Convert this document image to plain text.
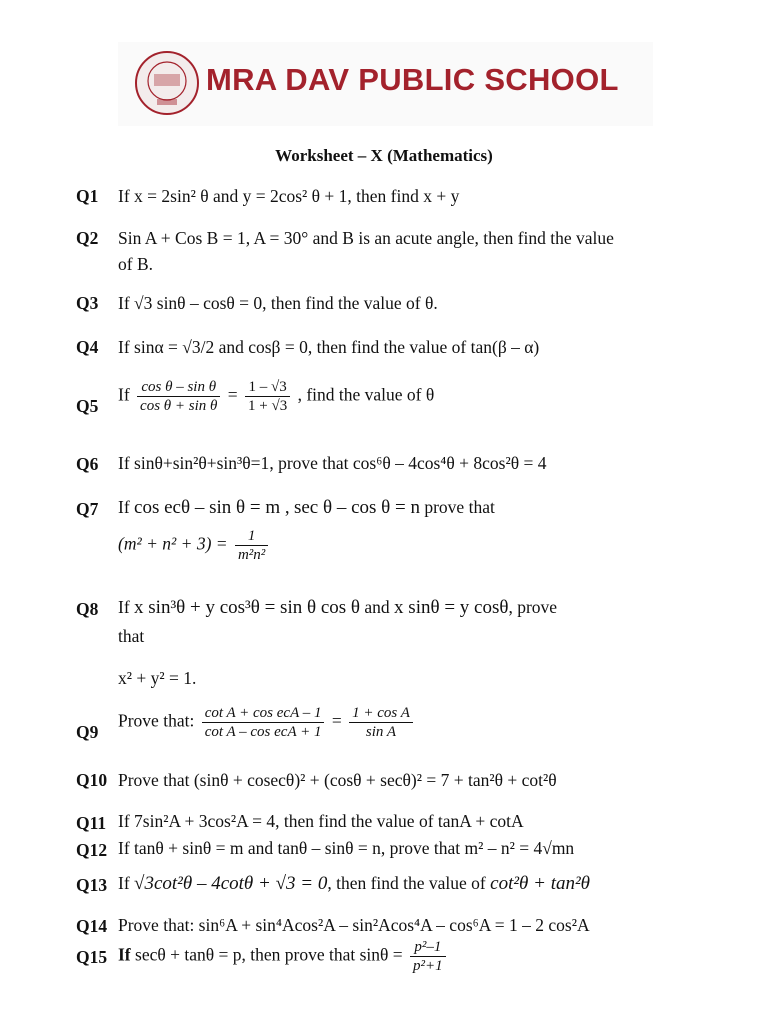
MRA DAV PUBLIC SCHOOL
Worksheet – X (Mathematics)
Q1 If x = 2sin² θ and y = 2cos² θ + 1, then find x + y
Q2 Sin A + Cos B = 1, A = 30° and B is an acute angle, then find the value
of B.
Q3 If √3 sinθ – cosθ = 0, then find the value of θ.
Q4 If sinα = √3/2 and cosβ = 0, then find the value of tan(β – α)
Q5
If $\frac{\text{cos θ – sin θ}}{\text{cos θ + sin θ}} = \frac{1 - √3}{1 + √3}$ , find the value of θ
Q6 If sinθ+sin²θ+sin³θ=1, prove that cos⁶θ – 4cos⁴θ + 8cos²θ = 4
Q7 If cos ecθ – sin θ = m , sec θ – cos θ = n prove that
$(m^2 + n^2 + 3) = \frac{1}{\text{m²n²}}$
Q8 If x sin³θ + y cos³θ = sin θ cos θ and x sinθ = y cosθ, prove
that
x² + y² = 1.
Q9
Prove that: $\frac{\text{cot A + cos ecA – 1}}{\text{cot A – cos ecA + 1}} = \frac{\text{1 + cos A}}{\text{sin A}}$
Q10 Prove that (sinθ + cosecθ)² + (cosθ + secθ)² = 7 + tan²θ + cot²θ
Q11 If 7sin²A + 3cos²A = 4, then find the value of tanA + cotA
Q12 If tanθ + sinθ = m and tanθ – sinθ = n, prove that m² – n² = 4√mn
Q13 If √3cot²θ – 4cotθ + √3 = 0, then find the value of cot²θ + tan²θ
Q14 Prove that: sin⁶A + sin⁴Acos²A – sin²Acos⁴A – cos⁶A = 1 – 2 cos²A
Q15 If secθ + tanθ = p, then prove that $\sin\theta = \frac{\text{p²–1}}{\text{p²+1}}$
